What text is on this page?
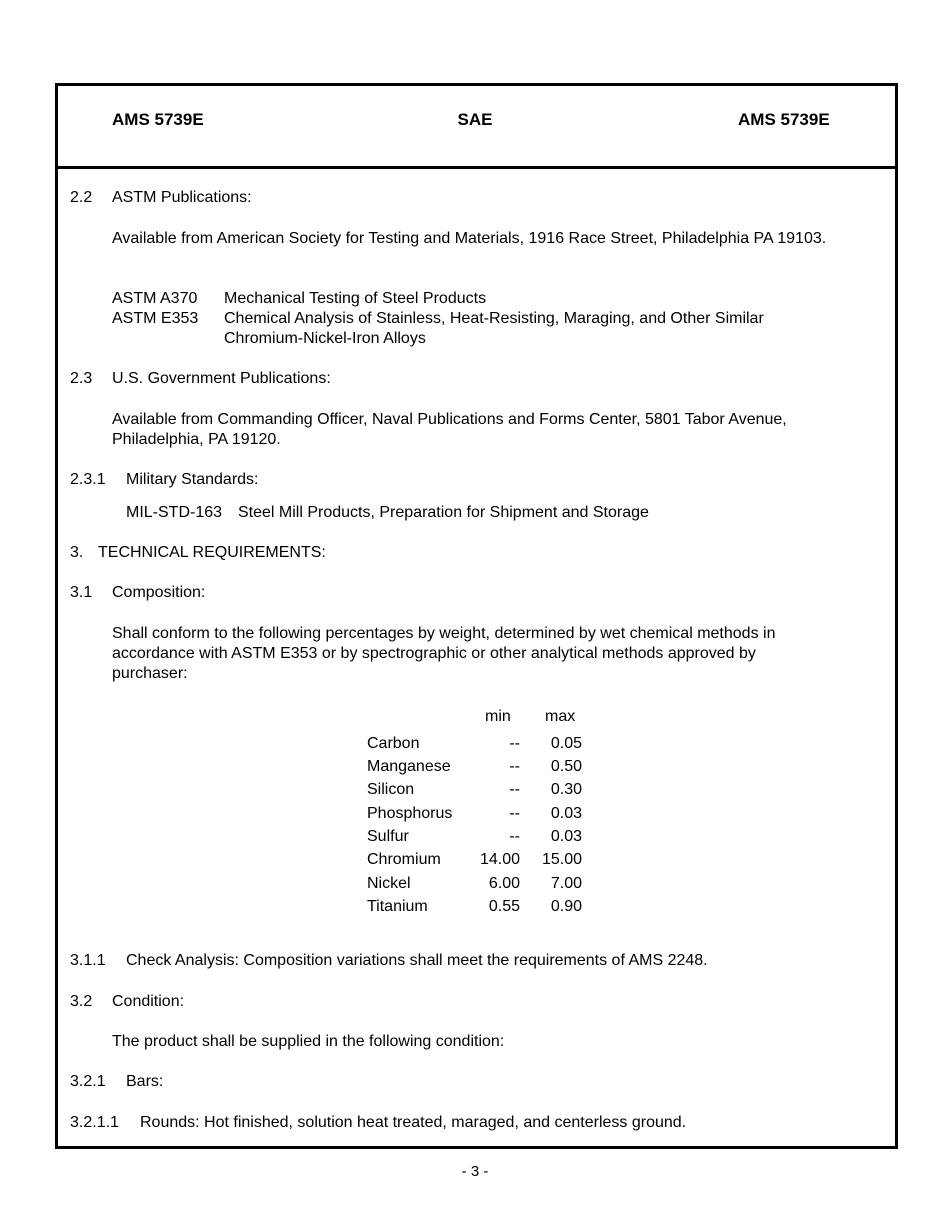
AMS 5739E	SAE	AMS 5739E
2.2 ASTM Publications:
Available from American Society for Testing and Materials, 1916 Race Street, Philadelphia PA 19103.
ASTM A370 Mechanical Testing of Steel Products
ASTM E353 Chemical Analysis of Stainless, Heat-Resisting, Maraging, and Other Similar Chromium-Nickel-Iron Alloys
2.3 U.S. Government Publications:
Available from Commanding Officer, Naval Publications and Forms Center, 5801 Tabor Avenue, Philadelphia, PA 19120.
2.3.1 Military Standards:
MIL-STD-163 Steel Mill Products, Preparation for Shipment and Storage
3. TECHNICAL REQUIREMENTS:
3.1 Composition:
Shall conform to the following percentages by weight, determined by wet chemical methods in accordance with ASTM E353 or by spectrographic or other analytical methods approved by purchaser:
min max
Carbon	--	0.05
Manganese	--	0.50
Silicon	--	0.30
Phosphorus	--	0.03
Sulfur	--	0.03
Chromium	14.00	15.00
Nickel	6.00	7.00
Titanium	0.55	0.90
3.1.1 Check Analysis: Composition variations shall meet the requirements of AMS 2248.
3.2 Condition:
The product shall be supplied in the following condition:
3.2.1 Bars:
3.2.1.1 Rounds: Hot finished, solution heat treated, maraged, and centerless ground.
- 3 -
